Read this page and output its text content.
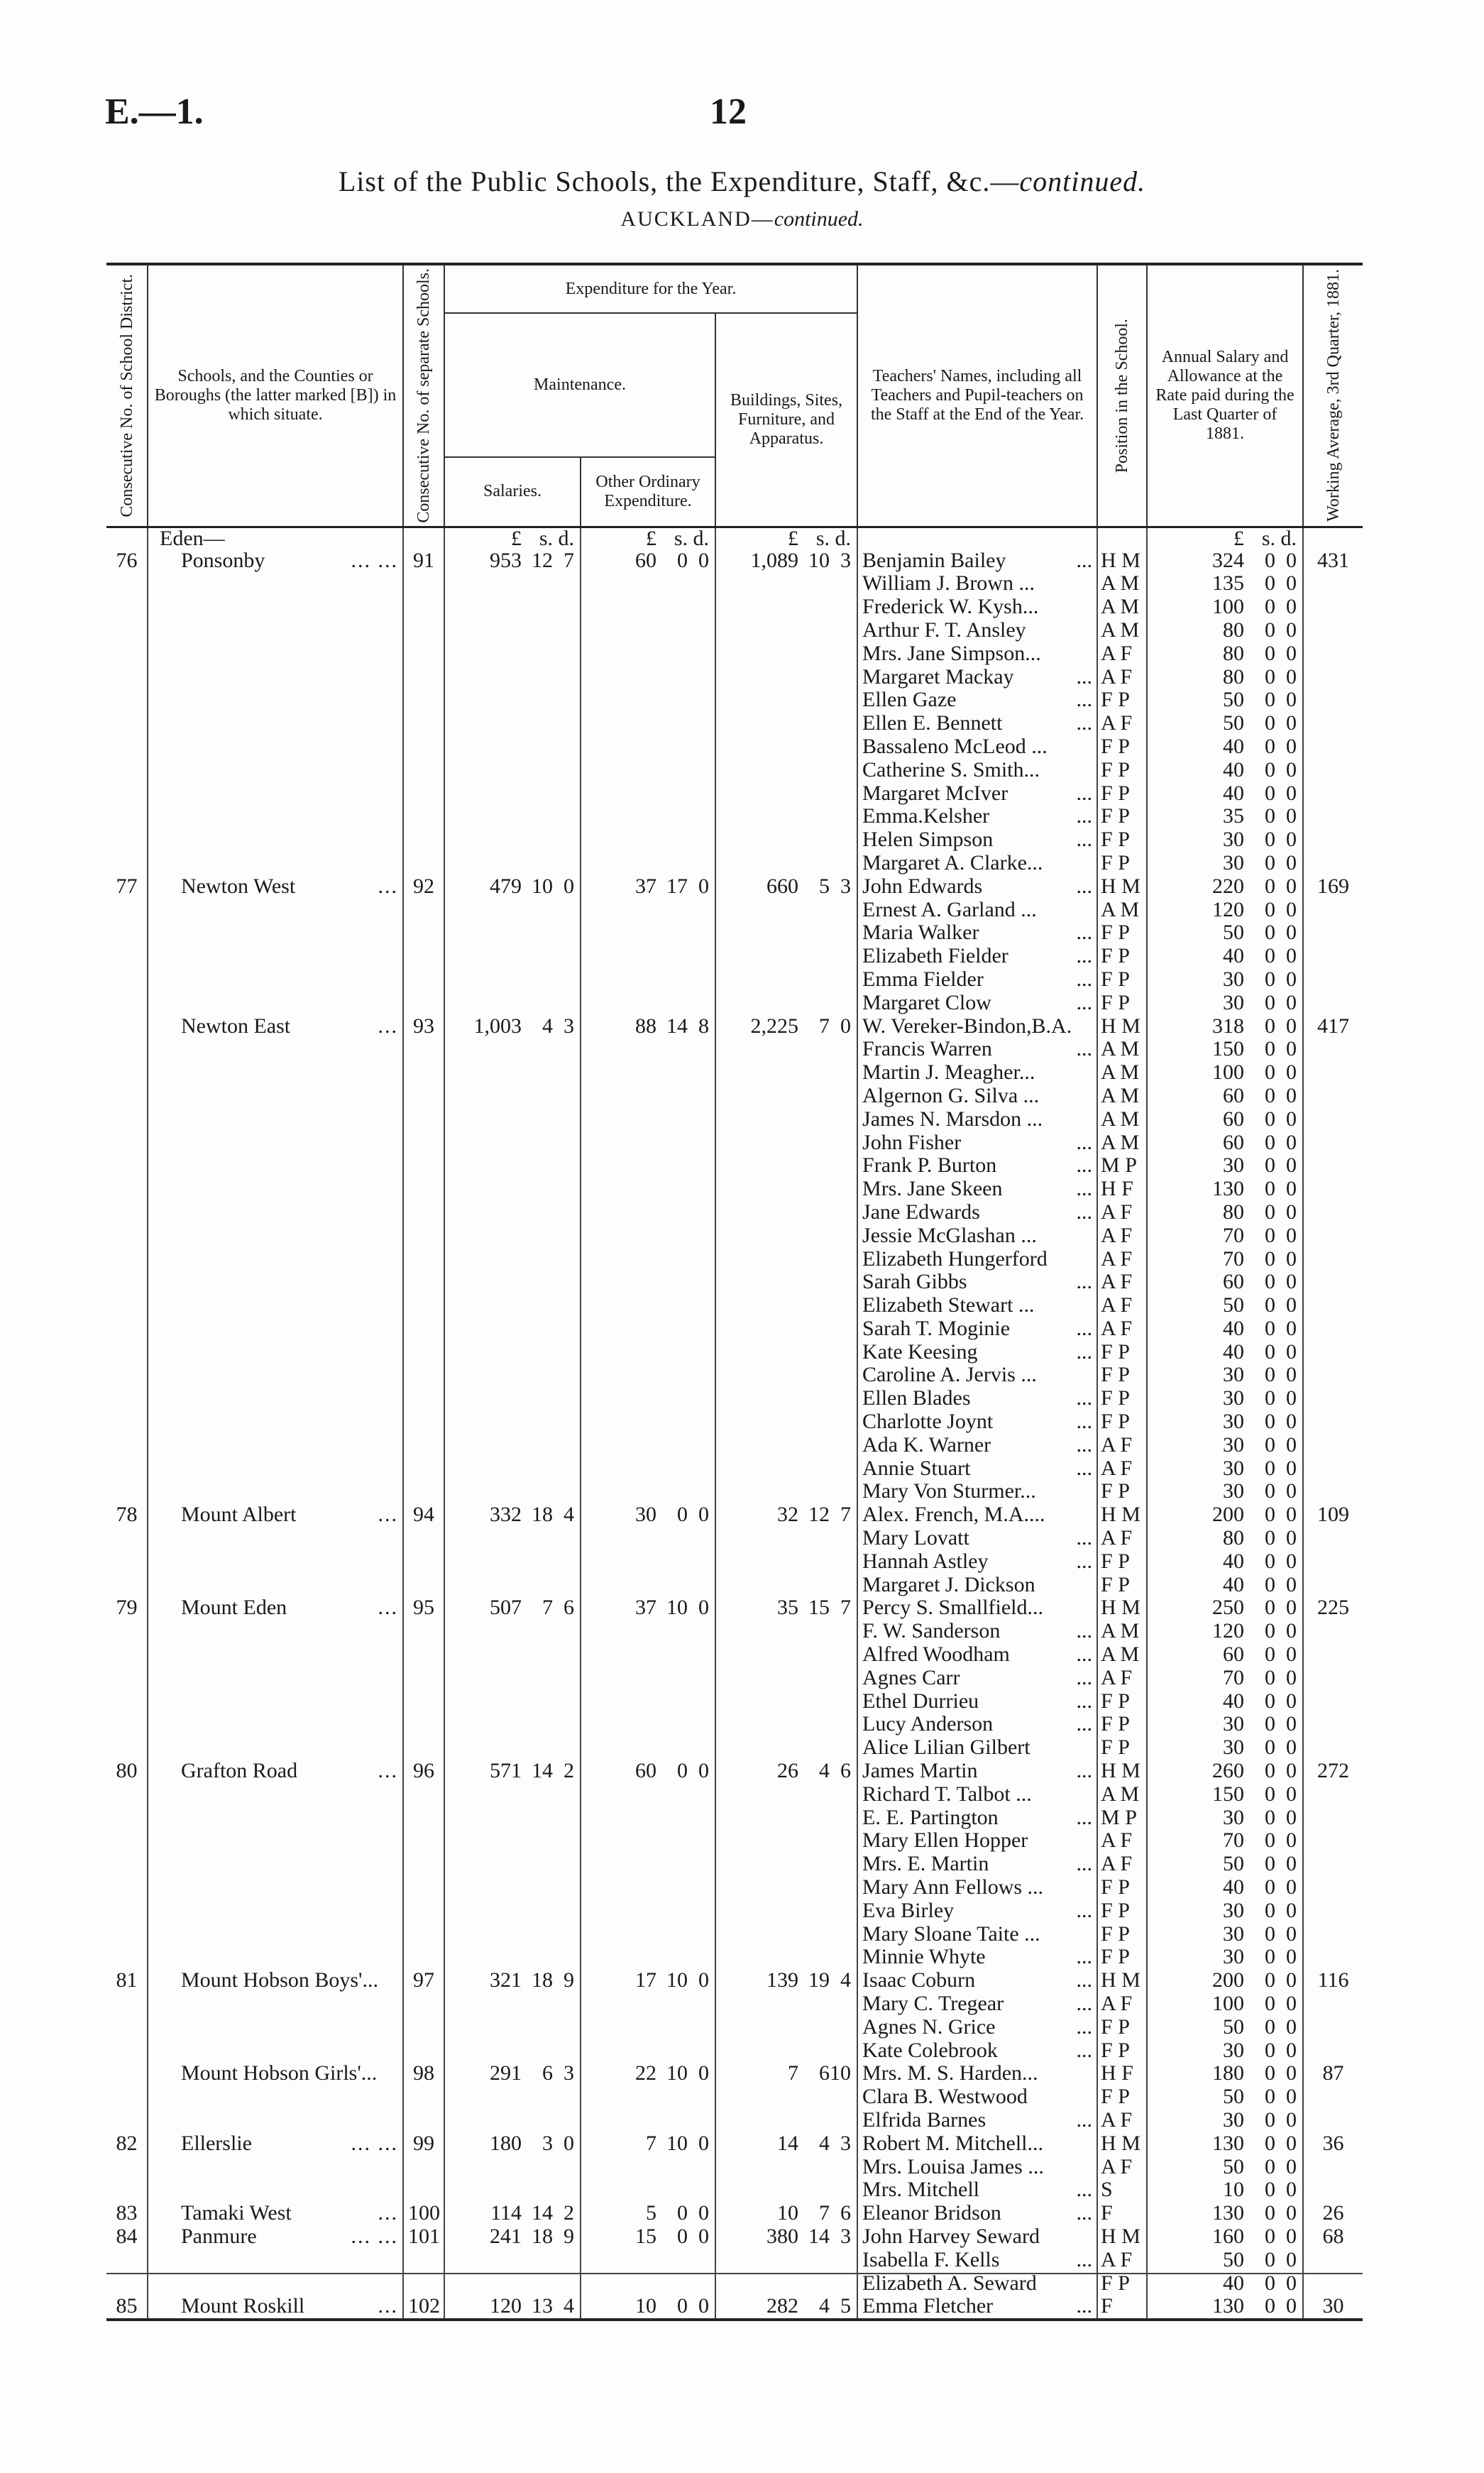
E.—1.	12
List of the Public Schools, the Expenditure, Staff, &c.—continued.
AUCKLAND—continued.
Consecutive No. of School District.	Schools, and the Counties or Boroughs (the latter marked [B]) in which situate.	Consecutive No. of separate Schools.	Expenditure for the Year.			Teachers' Names, including all Teachers and Pupil-teachers on the Staff at the End of the Year.	Position in the School.	Annual Salary and Allowance at the Rate paid during the Last Quarter of 1881.	Working Average, 3rd Quarter, 1881.

			Maintenance.		Buildings, Sites, Furniture, and Apparatus.				
			Salaries.	Other Ordinary Expenditure.					

	Eden—		£ s. d.	£ s. d.	£ s. d.			£ s. d.	

76	Ponsonby ... ...	91	953 12 7	60 0 0	1,089 10 3	Benjamin Bailey ...	H M	324 0 0	431

						William J. Brown ...	A M	135 0 0	

						Frederick W. Kysh...	A M	100 0 0	

						Arthur F. T. Ansley	A M	80 0 0	

						Mrs. Jane Simpson...	A F	80 0 0	

						Margaret Mackay ...	A F	80 0 0	

						Ellen Gaze ...	F P	50 0 0	

						Ellen E. Bennett ...	A F	50 0 0	

						Bassaleno McLeod ...	F P	40 0 0	

						Catherine S. Smith...	F P	40 0 0	

						Margaret McIver ...	F P	40 0 0	

						Emma.Kelsher ...	F P	35 0 0	

						Helen Simpson ...	F P	30 0 0	

						Margaret A. Clarke...	F P	30 0 0	

77	Newton West ...	92	479 10 0	37 17 0	660 5 3	John Edwards ...	H M	220 0 0	169

						Ernest A. Garland ...	A M	120 0 0	

						Maria Walker ...	F P	50 0 0	

						Elizabeth Fielder ...	F P	40 0 0	

						Emma Fielder ...	F P	30 0 0	

						Margaret Clow ...	F P	30 0 0	

	Newton East ...	93	1,003 4 3	88 14 8	2,225 7 0	W. Vereker-Bindon,B.A.	H M	318 0 0	417

						Francis Warren ...	A M	150 0 0	

						Martin J. Meagher...	A M	100 0 0	

						Algernon G. Silva ...	A M	60 0 0	

						James N. Marsdon ...	A M	60 0 0	

						John Fisher ...	A M	60 0 0	

						Frank P. Burton ...	M P	30 0 0	

						Mrs. Jane Skeen ...	H F	130 0 0	

						Jane Edwards ...	A F	80 0 0	

						Jessie McGlashan ...	A F	70 0 0	

						Elizabeth Hungerford	A F	70 0 0	

						Sarah Gibbs ...	A F	60 0 0	

						Elizabeth Stewart ...	A F	50 0 0	

						Sarah T. Moginie ...	A F	40 0 0	

						Kate Keesing ...	F P	40 0 0	

						Caroline A. Jervis ...	F P	30 0 0	

						Ellen Blades ...	F P	30 0 0	

						Charlotte Joynt ...	F P	30 0 0	

						Ada K. Warner ...	A F	30 0 0	

						Annie Stuart ...	A F	30 0 0	

						Mary Von Sturmer...	F P	30 0 0	

78	Mount Albert ...	94	332 18 4	30 0 0	32 12 7	Alex. French, M.A....	H M	200 0 0	109

						Mary Lovatt ...	A F	80 0 0	

						Hannah Astley ...	F P	40 0 0	

						Margaret J. Dickson	F P	40 0 0	

79	Mount Eden ...	95	507 7 6	37 10 0	35 15 7	Percy S. Smallfield...	H M	250 0 0	225

						F. W. Sanderson ...	A M	120 0 0	

						Alfred Woodham ...	A M	60 0 0	

						Agnes Carr ...	A F	70 0 0	

						Ethel Durrieu ...	F P	40 0 0	

						Lucy Anderson ...	F P	30 0 0	

						Alice Lilian Gilbert	F P	30 0 0	

80	Grafton Road ...	96	571 14 2	60 0 0	26 4 6	James Martin ...	H M	260 0 0	272

						Richard T. Talbot ...	A M	150 0 0	

						E. E. Partington ...	M P	30 0 0	

						Mary Ellen Hopper	A F	70 0 0	

						Mrs. E. Martin ...	A F	50 0 0	

						Mary Ann Fellows ...	F P	40 0 0	

						Eva Birley ...	F P	30 0 0	

						Mary Sloane Taite ...	F P	30 0 0	

						Minnie Whyte ...	F P	30 0 0	

81	Mount Hobson Boys'...	97	321 18 9	17 10 0	139 19 4	Isaac Coburn ...	H M	200 0 0	116

						Mary C. Tregear ...	A F	100 0 0	

						Agnes N. Grice ...	F P	50 0 0	

						Kate Colebrook ...	F P	30 0 0	

	Mount Hobson Girls'...	98	291 6 3	22 10 0	7 6 10	Mrs. M. S. Harden...	H F	180 0 0	87

						Clara B. Westwood	F P	50 0 0	

						Elfrida Barnes ...	A F	30 0 0	

82	Ellerslie ... ...	99	180 3 0	7 10 0	14 4 3	Robert M. Mitchell...	H M	130 0 0	36

						Mrs. Louisa James ...	A F	50 0 0	

						Mrs. Mitchell ...	S	10 0 0	

83	Tamaki West ...	100	114 14 2	5 0 0	10 7 6	Eleanor Bridson ...	F	130 0 0	26
84	Panmure ... ...	101	241 18 9	15 0 0	380 14 3	John Harvey Seward	H M	160 0 0	68

						Isabella F. Kells ...	A F	50 0 0	

						Elizabeth A. Seward	F P	40 0 0	

85	Mount Roskill ...	102	120 13 4	10 0 0	282 4 5	Emma Fletcher ...	F	130 0 0	30
